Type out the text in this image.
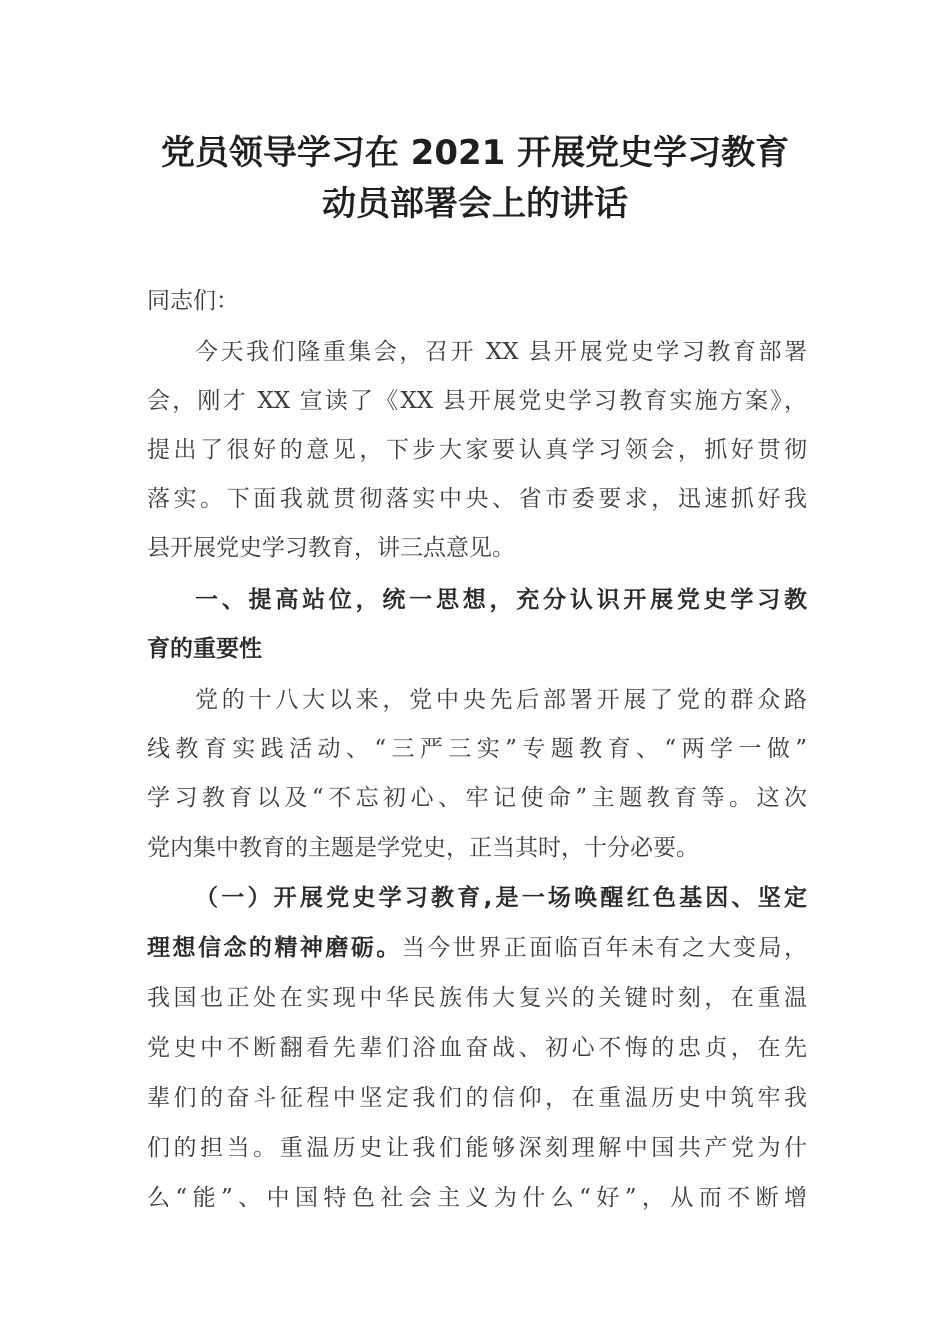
党员领导学习在 2021 开展党史学习教育
动员部署会上的讲话
同志们：
今天我们隆重集会，召开 XX 县开展党史学习教育部署
会，刚才 XX 宣读了《XX 县开展党史学习教育实施方案》，
提出了很好的意见，下步大家要认真学习领会，抓好贯彻
落实。下面我就贯彻落实中央、省市委要求，迅速抓好我
县开展党史学习教育，讲三点意见。
一、提高站位，统一思想，充分认识开展党史学习教
育的重要性
党的十八大以来，党中央先后部署开展了党的群众路
线教育实践活动、“三严三实”专题教育、“两学一做”
学习教育以及“不忘初心、牢记使命”主题教育等。这次
党内集中教育的主题是学党史，正当其时，十分必要。
（一）开展党史学习教育,是一场唤醒红色基因、坚定
理想信念的精神磨砺。当今世界正面临百年未有之大变局，
我国也正处在实现中华民族伟大复兴的关键时刻，在重温
党史中不断翻看先辈们浴血奋战、初心不悔的忠贞，在先
辈们的奋斗征程中坚定我们的信仰，在重温历史中筑牢我
们的担当。重温历史让我们能够深刻理解中国共产党为什
么“能”、中国特色社会主义为什么“好”，从而不断增
